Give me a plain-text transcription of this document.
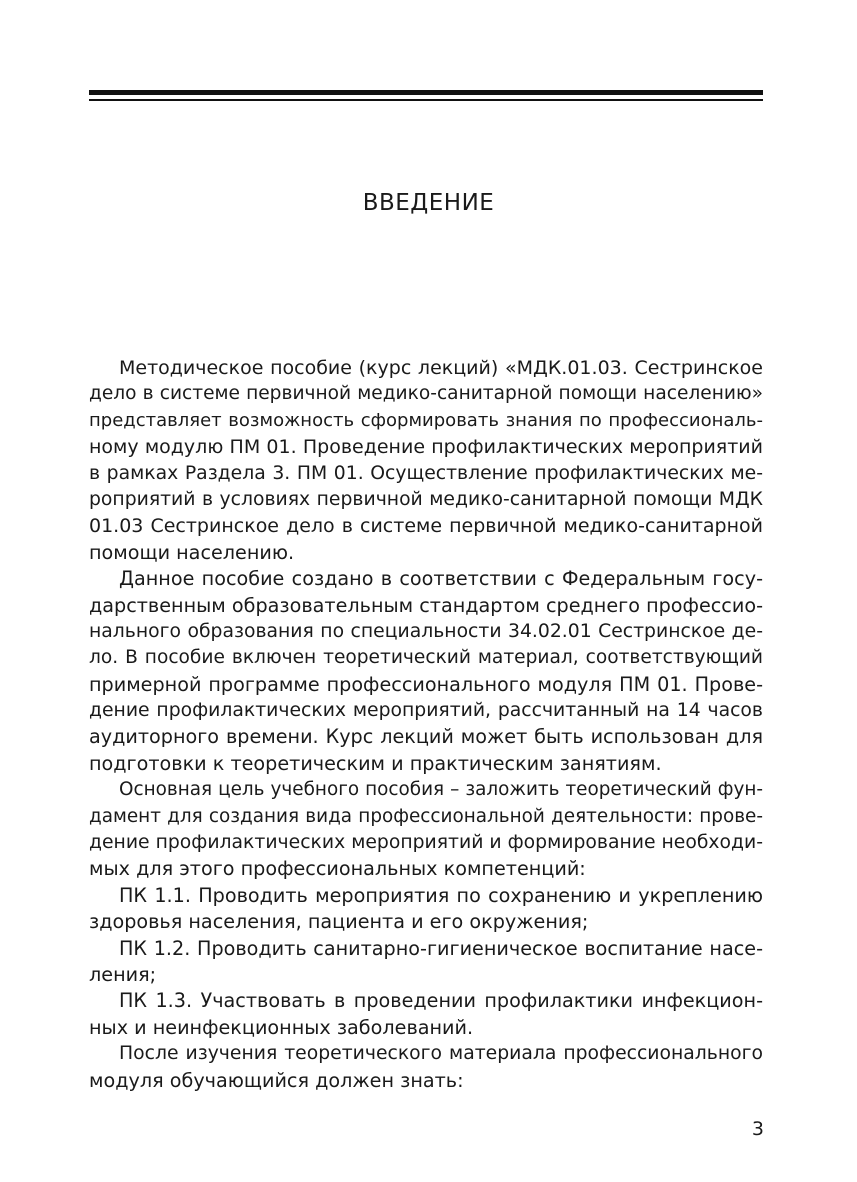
ВВЕДЕНИЕ
Методическое пособие (курс лекций) «МДК.01.03. Сестринское
дело в системе первичной медико-санитарной помощи населению»
представляет возможность сформировать знания по профессиональ-
ному модулю ПМ 01. Проведение профилактических мероприятий
в рамках Раздела 3. ПМ 01. Осуществление профилактических ме-
роприятий в условиях первичной медико-санитарной помощи МДК
01.03 Сестринское дело в системе первичной медико-санитарной
помощи населению.
Данное пособие создано в соответствии с Федеральным госу-
дарственным образовательным стандартом среднего профессио-
нального образования по специальности 34.02.01 Сестринское де-
ло. В пособие включен теоретический материал, соответствующий
примерной программе профессионального модуля ПМ 01. Прове-
дение профилактических мероприятий, рассчитанный на 14 часов
аудиторного времени. Курс лекций может быть использован для
подготовки к теоретическим и практическим занятиям.
Основная цель учебного пособия – заложить теоретический фун-
дамент для создания вида профессиональной деятельности: прове-
дение профилактических мероприятий и формирование необходи-
мых для этого профессиональных компетенций:
ПК 1.1. Проводить мероприятия по сохранению и укреплению
здоровья населения, пациента и его окружения;
ПК 1.2. Проводить санитарно-гигиеническое воспитание насе-
ления;
ПК 1.3. Участвовать в проведении профилактики инфекцион-
ных и неинфекционных заболеваний.
После изучения теоретического материала профессионального
модуля обучающийся должен знать:
3
